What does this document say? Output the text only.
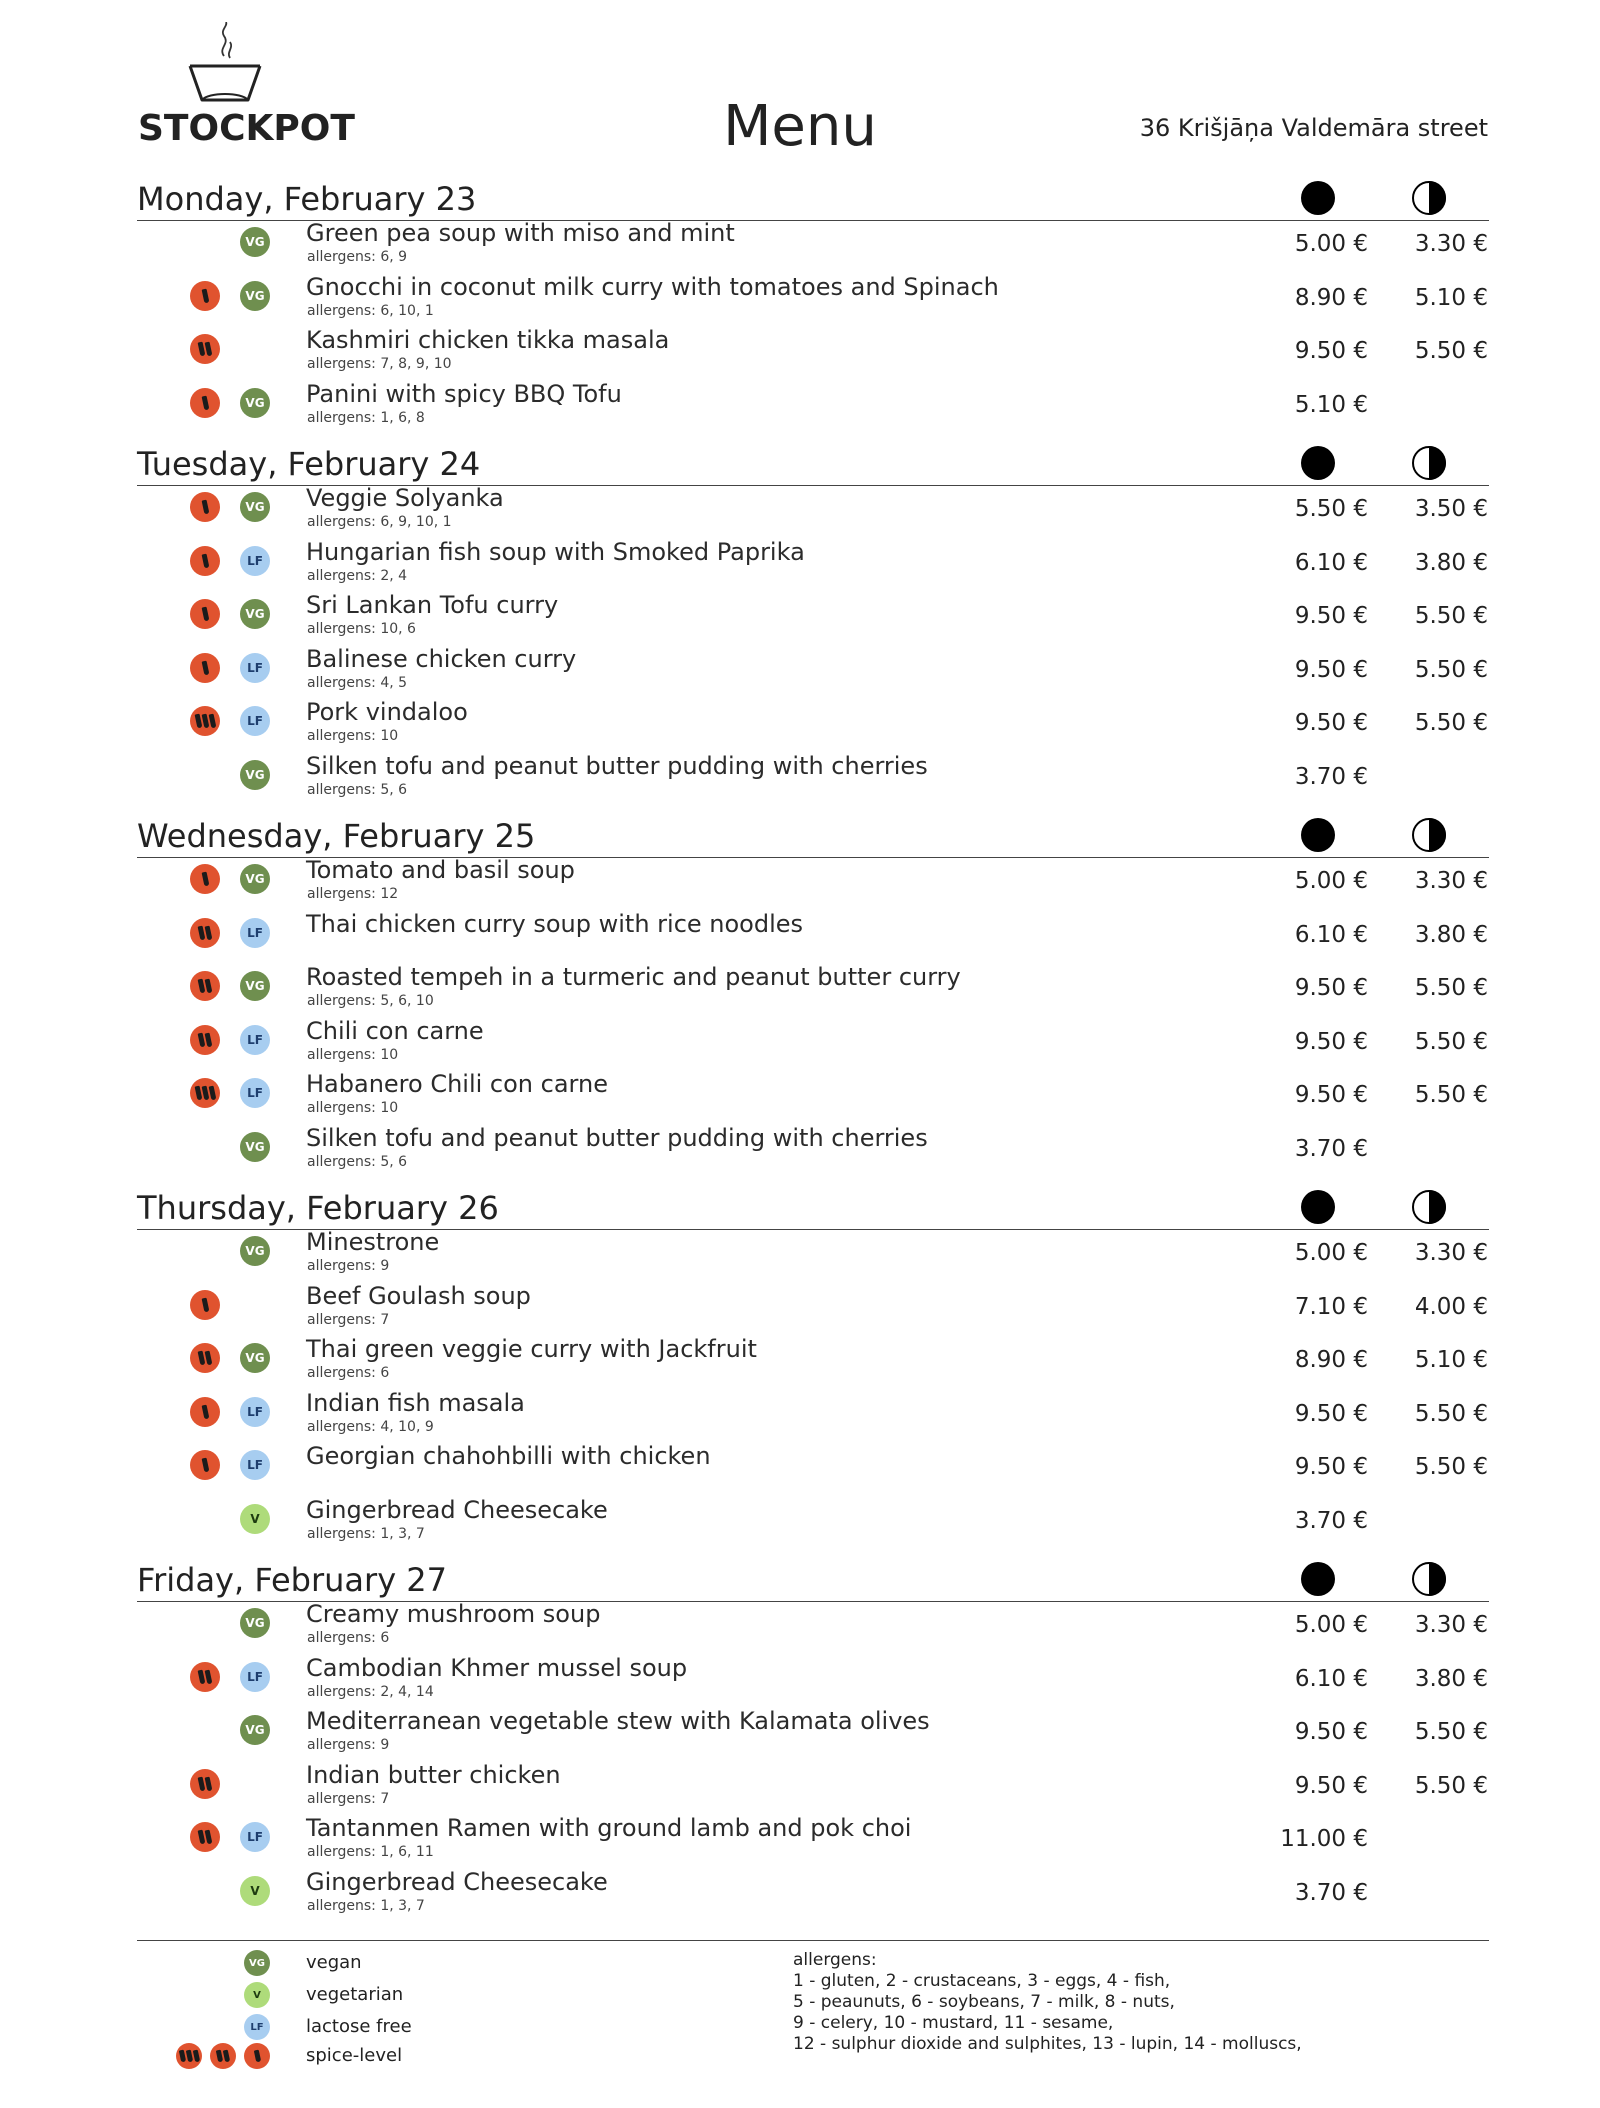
STOCKPOT	Menu	36 Krišjāņa Valdemāra street
Monday, February 23
VG Green pea soup with miso and mint
allergens: 6, 9	5.00 € 3.30 €
VG Gnocchi in coconut milk curry with tomatoes and Spinach
allergens: 6, 10, 1	8.90 € 5.10 €
Kashmiri chicken tikka masala
allergens: 7, 8, 9, 10	9.50 € 5.50 €
VG Panini with spicy BBQ Tofu
allergens: 1, 6, 8	5.10 €
Tuesday, February 24
VG Veggie Solyanka
allergens: 6, 9, 10, 1	5.50 € 3.50 €
LF Hungarian fish soup with Smoked Paprika
allergens: 2, 4	6.10 € 3.80 €
VG Sri Lankan Tofu curry
allergens: 10, 6	9.50 € 5.50 €
LF Balinese chicken curry
allergens: 4, 5	9.50 € 5.50 €
LF Pork vindaloo
allergens: 10	9.50 € 5.50 €
VG Silken tofu and peanut butter pudding with cherries
allergens: 5, 6	3.70 €
Wednesday, February 25
VG Tomato and basil soup
allergens: 12	5.00 € 3.30 €
LF Thai chicken curry soup with rice noodles	6.10 € 3.80 €
VG Roasted tempeh in a turmeric and peanut butter curry
allergens: 5, 6, 10	9.50 € 5.50 €
LF Chili con carne
allergens: 10	9.50 € 5.50 €
LF Habanero Chili con carne
allergens: 10	9.50 € 5.50 €
VG Silken tofu and peanut butter pudding with cherries
allergens: 5, 6	3.70 €
Thursday, February 26
VG Minestrone
allergens: 9	5.00 € 3.30 €
Beef Goulash soup
allergens: 7	7.10 € 4.00 €
VG Thai green veggie curry with Jackfruit
allergens: 6	8.90 € 5.10 €
LF Indian fish masala
allergens: 4, 10, 9	9.50 € 5.50 €
LF Georgian chahohbilli with chicken	9.50 € 5.50 €
V	Gingerbread Cheesecake
allergens: 1, 3, 7	3.70 €
Friday, February 27
VG Creamy mushroom soup
allergens: 6	5.00 € 3.30 €
LF Cambodian Khmer mussel soup
allergens: 2, 4, 14	6.10 € 3.80 €
VG Mediterranean vegetable stew with Kalamata olives
allergens: 9	9.50 € 5.50 €
Indian butter chicken
allergens: 7	9.50 € 5.50 €
LF Tantanmen Ramen with ground lamb and pok choi
allergens: 1, 6, 11	11.00 €
V	Gingerbread Cheesecake
allergens: 1, 3, 7	3.70 €
VG vegan
V	vegetarian
LF	lactose free
spice-level
allergens:
1 - gluten, 2 - crustaceans, 3 - eggs, 4 - fish,
5 - peaunuts, 6 - soybeans, 7 - milk, 8 - nuts,
9 - celery, 10 - mustard, 11 - sesame,
12 - sulphur dioxide and sulphites, 13 - lupin, 14 - molluscs,
